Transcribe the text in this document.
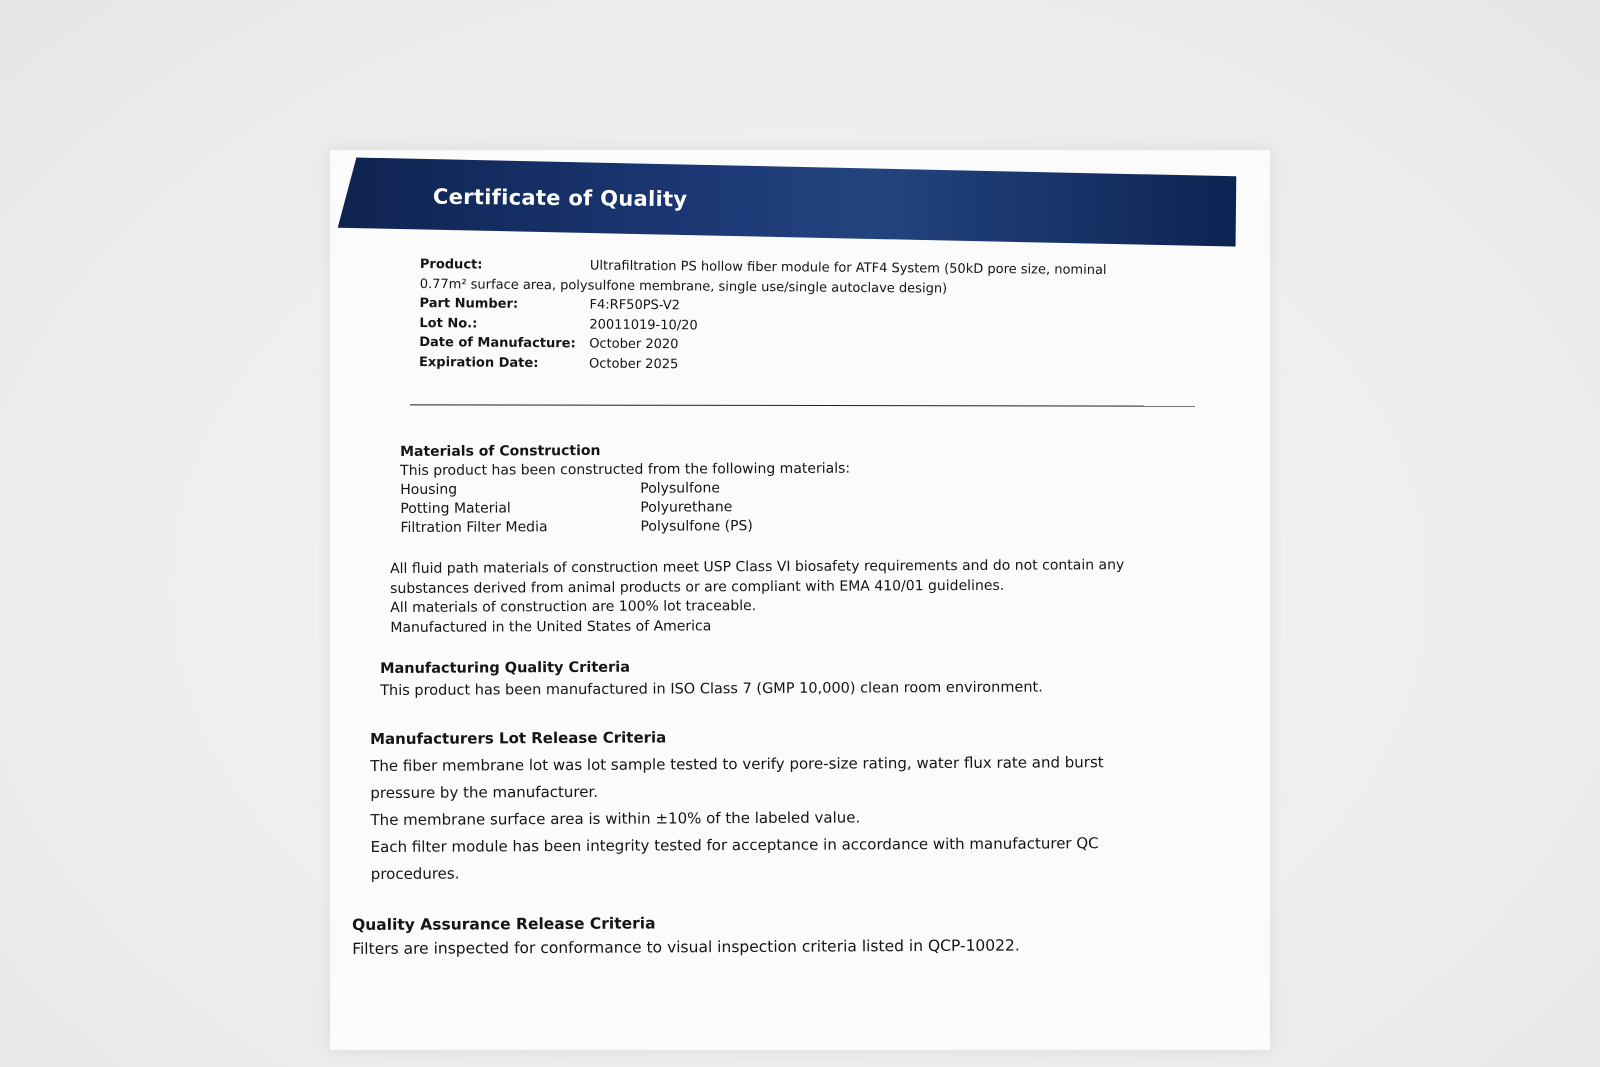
Certificate of Quality
Product:	Ultrafiltration PS hollow fiber module for ATF4 System (50kD pore size, nominal
0.77m² surface area, polysulfone membrane, single use/single autoclave design)
Part Number:	F4:RF50PS-V2
Lot No.:	20011019-10/20
Date of Manufacture:	October 2020
Expiration Date:	October 2025
Materials of Construction
This product has been constructed from the following materials:
Housing	Polysulfone
Potting Material	Polyurethane
Filtration Filter Media	Polysulfone (PS)
All fluid path materials of construction meet USP Class VI biosafety requirements and do not contain any
substances derived from animal products or are compliant with EMA 410/01 guidelines.
All materials of construction are 100% lot traceable.
Manufactured in the United States of America
Manufacturing Quality Criteria
This product has been manufactured in ISO Class 7 (GMP 10,000) clean room environment.
Manufacturers Lot Release Criteria
The fiber membrane lot was lot sample tested to verify pore-size rating, water flux rate and burst
pressure by the manufacturer.
The membrane surface area is within ±10% of the labeled value.
Each filter module has been integrity tested for acceptance in accordance with manufacturer QC
procedures.
Quality Assurance Release Criteria
Filters are inspected for conformance to visual inspection criteria listed in QCP-10022.
